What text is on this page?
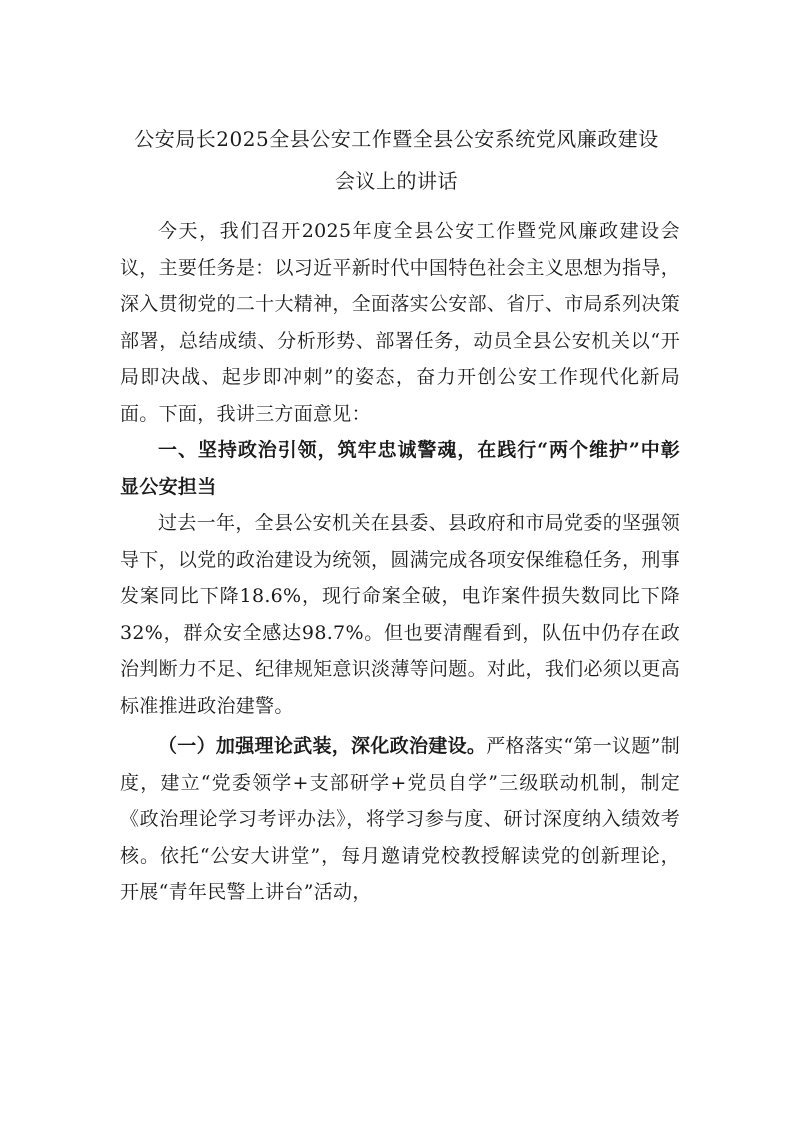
公安局长2025全县公安工作暨全县公安系统党风廉政建设
会议上的讲话

今天，我们召开2025年度全县公安工作暨党风廉政建设会议，主要任务是：以习近平新时代中国特色社会主义思想为指导，深入贯彻党的二十大精神，全面落实公安部、省厅、市局系列决策部署，总结成绩、分析形势、部署任务，动员全县公安机关以“开局即决战、起步即冲刺”的姿态，奋力开创公安工作现代化新局面。下面，我讲三方面意见：

一、坚持政治引领，筑牢忠诚警魂，在践行“两个维护”中彰显公安担当

过去一年，全县公安机关在县委、县政府和市局党委的坚强领导下，以党的政治建设为统领，圆满完成各项安保维稳任务，刑事发案同比下降18.6%，现行命案全破，电诈案件损失数同比下降32%，群众安全感达98.7%。但也要清醒看到，队伍中仍存在政治判断力不足、纪律规矩意识淡薄等问题。对此，我们必须以更高标准推进政治建警。

（一）加强理论武装，深化政治建设。严格落实“第一议题”制度，建立“党委领学+支部研学+党员自学”三级联动机制，制定《政治理论学习考评办法》，将学习参与度、研讨深度纳入绩效考核。依托“公安大讲堂”，每月邀请党校教授解读党的创新理论，开展“青年民警上讲台”活动，
